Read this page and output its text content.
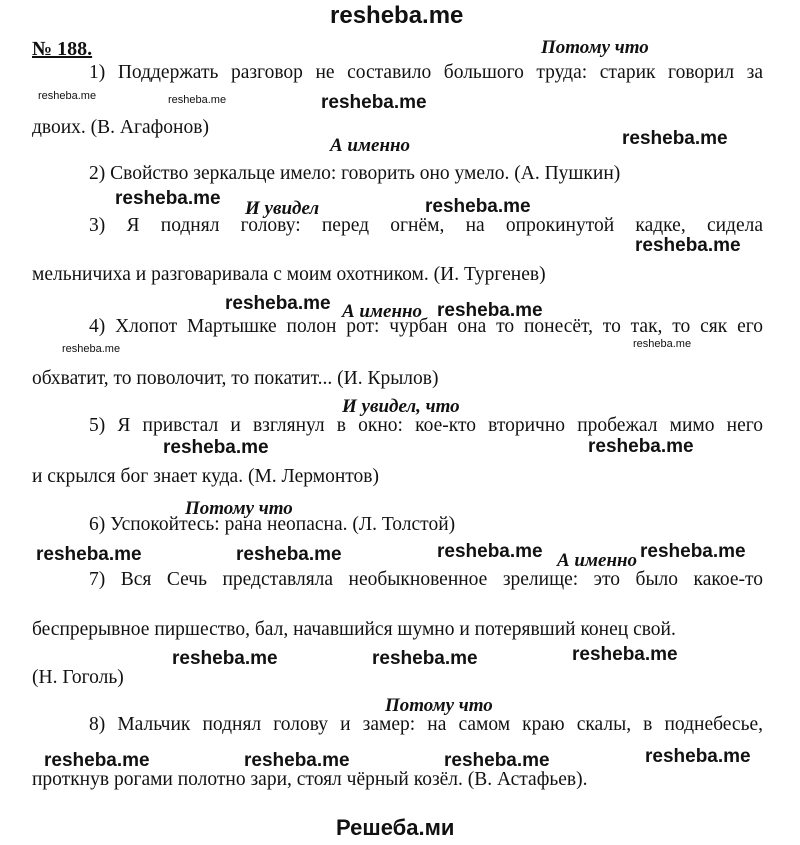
resheba.me
№ 188.	Потому что
А именно
И увидел
А именно
И увидел, что
Потому что
А именно
Потому что
1) Поддержать разговор не составило большого труда: старик говорил за
двоих. (В. Агафонов)
2) Свойство зеркальце имело: говорить оно умело. (А. Пушкин)
3) Я поднял голову: перед огнём, на опрокинутой кадке, сидела
мельничиха и разговаривала с моим охотником. (И. Тургенев)
4) Хлопот Мартышке полон рот: чурбан она то понесёт, то так, то сяк его
обхватит, то поволочит, то покатит... (И. Крылов)
5) Я привстал и взглянул в окно: кое-кто вторично пробежал мимо него
и скрылся бог знает куда. (М. Лермонтов)
6) Успокойтесь: рана неопасна. (Л. Толстой)
7) Вся Сечь представляла необыкновенное зрелище: это было какое-то
беспрерывное пиршество, бал, начавшийся шумно и потерявший конец свой.
(Н. Гоголь)
8) Мальчик поднял голову и замер: на самом краю скалы, в поднебесье,
проткнув рогами полотно зари, стоял чёрный козёл. (В. Астафьев).
resheba.me
resheba.me
resheba.me	resheba.me
resheba.me
resheba.me	resheba.me
resheba.me	resheba.me
resheba.me	resheba.me	resheba.me	resheba.me
resheba.me	resheba.me	resheba.me
resheba.me	resheba.me	resheba.me	resheba.me
resheba.me	resheba.me
resheba.me	resheba.me
Решеба.ми
